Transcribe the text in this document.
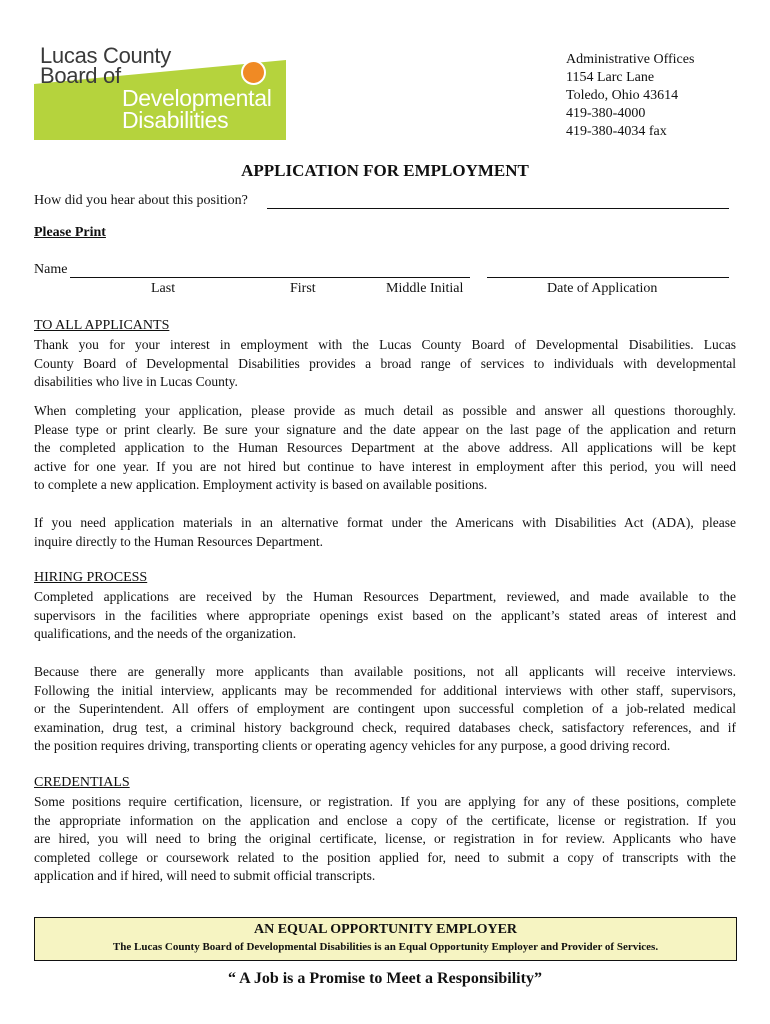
Lucas County
Board of
Developmental
Disabilities
Administrative Offices
1154 Larc Lane
Toledo, Ohio 43614
419-380-4000
419-380-4034 fax
APPLICATION FOR EMPLOYMENT
How did you hear about this position?
Please Print
Name
Last	First	Middle Initial	Date of Application
TO ALL APPLICANTS
Thank you for your interest in employment with the Lucas County Board of Developmental Disabilities. Lucas
County Board of Developmental Disabilities provides a broad range of services to individuals with developmental
disabilities who live in Lucas County.
When completing your application, please provide as much detail as possible and answer all questions thoroughly.
Please type or print clearly. Be sure your signature and the date appear on the last page of the application and return
the completed application to the Human Resources Department at the above address. All applications will be kept
active for one year. If you are not hired but continue to have interest in employment after this period, you will need
to complete a new application. Employment activity is based on available positions.
If you need application materials in an alternative format under the Americans with Disabilities Act (ADA), please
inquire directly to the Human Resources Department.
HIRING PROCESS
Completed applications are received by the Human Resources Department, reviewed, and made available to the
supervisors in the facilities where appropriate openings exist based on the applicant’s stated areas of interest and
qualifications, and the needs of the organization.
Because there are generally more applicants than available positions, not all applicants will receive interviews.
Following the initial interview, applicants may be recommended for additional interviews with other staff, supervisors,
or the Superintendent. All offers of employment are contingent upon successful completion of a job-related medical
examination, drug test, a criminal history background check, required databases check, satisfactory references, and if
the position requires driving, transporting clients or operating agency vehicles for any purpose, a good driving record.
CREDENTIALS
Some positions require certification, licensure, or registration. If you are applying for any of these positions, complete
the appropriate information on the application and enclose a copy of the certificate, license or registration. If you
are hired, you will need to bring the original certificate, license, or registration in for review. Applicants who have
completed college or coursework related to the position applied for, need to submit a copy of transcripts with the
application and if hired, will need to submit official transcripts.
AN EQUAL OPPORTUNITY EMPLOYER
The Lucas County Board of Developmental Disabilities is an Equal Opportunity Employer and Provider of Services.
“ A Job is a Promise to Meet a Responsibility”
